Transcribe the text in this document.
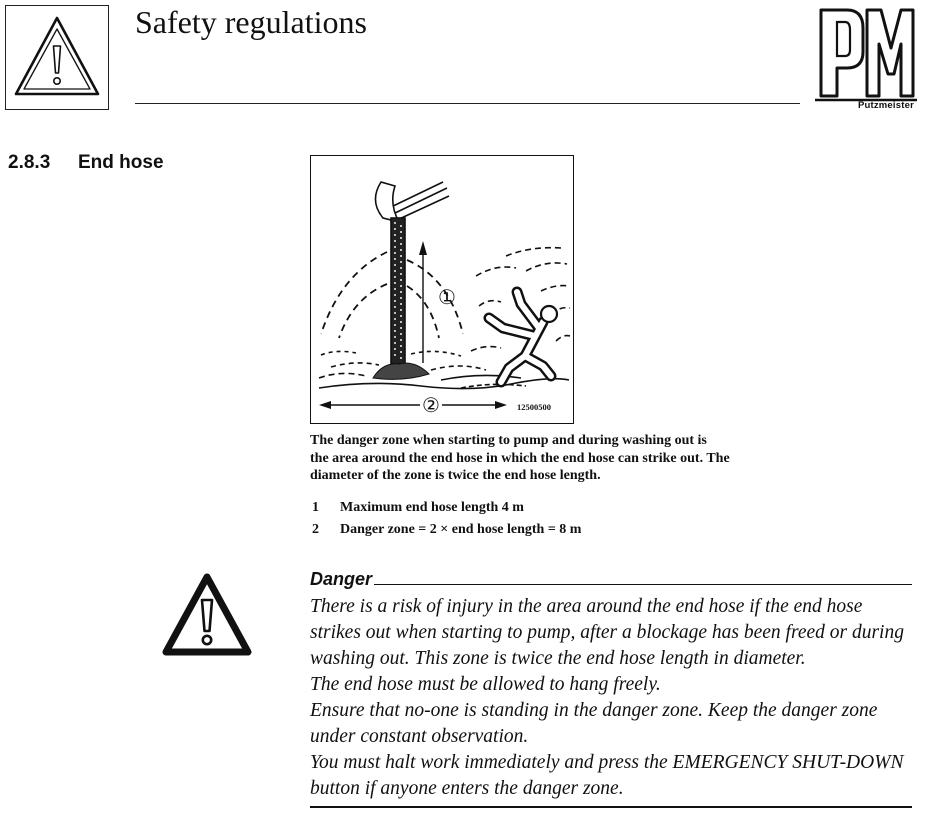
Safety regulations
Putzmeister
2.8.3 End hose
①
②	12500500
The danger zone when starting to pump and during washing out is
the area around the end hose in which the end hose can strike out. The
diameter of the zone is twice the end hose length.
1 Maximum end hose length 4 m
2 Danger zone = 2 × end hose length = 8 m
Danger
There is a risk of injury in the area around the end hose if the end hose
strikes out when starting to pump, after a blockage has been freed or during
washing out. This zone is twice the end hose length in diameter.
The end hose must be allowed to hang freely.
Ensure that no-one is standing in the danger zone. Keep the danger zone
under constant observation.
You must halt work immediately and press the EMERGENCY SHUT-DOWN
button if anyone enters the danger zone.
